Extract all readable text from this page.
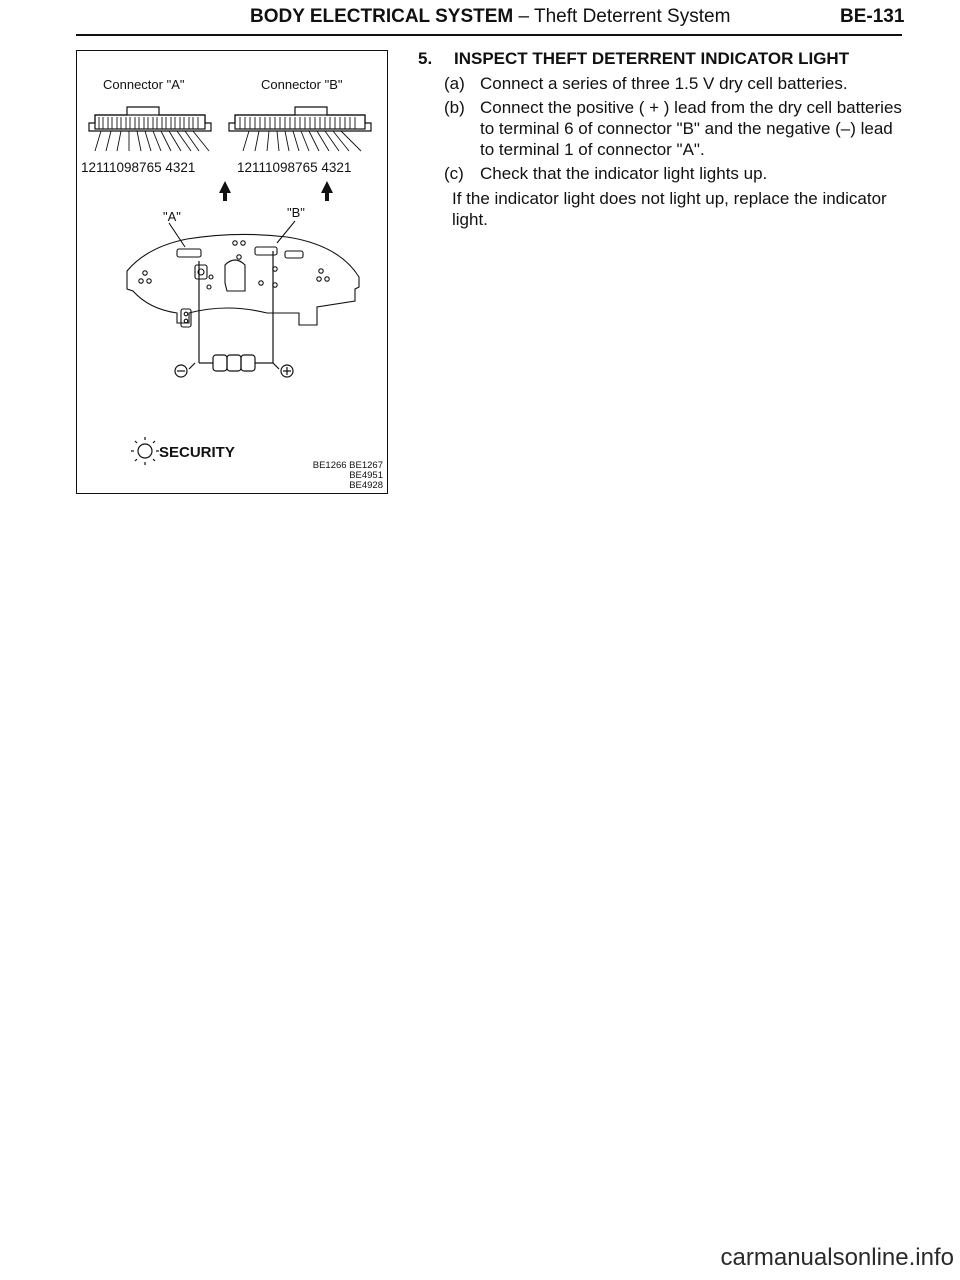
BODY ELECTRICAL SYSTEM – Theft Deterrent System	BE-131
Connector "A"	Connector "B"
12111098765 4321	12111098765 4321
"A"	"B"
SECURITY
BE1266 BE1267
BE4951
BE4928
5.	INSPECT THEFT DETERRENT INDICATOR LIGHT
(a) Connect a series of three 1.5 V dry cell batteries.
(b) Connect the positive ( + ) lead from the dry cell batteries to terminal 6 of connector "B" and the negative (–) lead to terminal 1 of connector "A".
(c) Check that the indicator light lights up.
If the indicator light does not light up, replace the indicator light.
carmanualsonline.info
